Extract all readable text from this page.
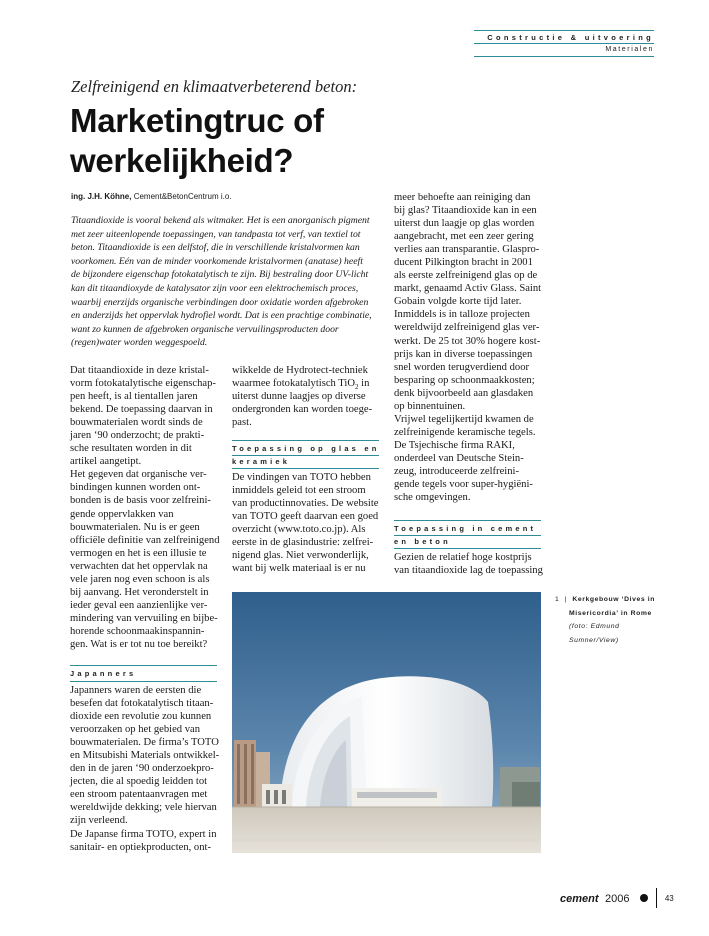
Constructie & uitvoering
Materialen
Zelfreinigend en klimaatverbeterend beton:
Marketingtruc of
werkelijkheid?
ing. J.H. Köhne, Cement&BetonCentrum i.o.
Titaandioxide is vooral bekend als witmaker. Het is een anorganisch pigment
met zeer uiteenlopende toepassingen, van tandpasta tot verf, van textiel tot
beton. Titaandioxide is een delfstof, die in verschillende kristalvormen kan
voorkomen. Eén van de minder voorkomende kristalvormen (anatase) heeft
de bijzondere eigenschap fotokatalytisch te zijn. Bij bestraling door UV-licht
kan dit titaandioxyde de katalysator zijn voor een elektrochemisch proces,
waarbij enerzijds organische verbindingen door oxidatie worden afgebroken
en anderzijds het oppervlak hydrofiel wordt. Dat is een prachtige combinatie,
want zo kunnen de afgebroken organische vervuilingsproducten door
(regen)water worden weggespoeld.
Dat titaandioxide in deze kristal-
vorm fotokatalytische eigenschap-
pen heeft, is al tientallen jaren
bekend. De toepassing daarvan in
bouwmaterialen wordt sinds de
jaren ‘90 onderzocht; de prakti-
sche resultaten worden in dit
artikel aangetipt.
Het gegeven dat organische ver-
bindingen kunnen worden ont-
bonden is de basis voor zelfreini-
gende oppervlakken van
bouwmaterialen. Nu is er geen
officiële definitie van zelfreinigend
vermogen en het is een illusie te
verwachten dat het oppervlak na
vele jaren nog even schoon is als
bij aanvang. Het veronderstelt in
ieder geval een aanzienlijke ver-
mindering van vervuiling en bijbe-
horende schoonmaakinspannin-
gen. Wat is er tot nu toe bereikt?
Japanners
Japanners waren de eersten die
besefen dat fotokatalytisch titaan-
dioxide een revolutie zou kunnen
veroorzaken op het gebied van
bouwmaterialen. De firma’s TOTO
en Mitsubishi Materials ontwikkel-
den in de jaren ‘90 onderzoekpro-
jecten, die al spoedig leidden tot
een stroom patentaanvragen met
wereldwijde dekking; vele hiervan
zijn verleend.
De Japanse firma TOTO, expert in
sanitair- en optiekproducten, ont-
wikkelde de Hydrotect-techniek
waarmee fotokatalytisch TiO$_2$ in
uiterst dunne laagjes op diverse
ondergronden kan worden toege-
past.
Toepassing op glas en
keramiek
De vindingen van TOTO hebben
inmiddels geleid tot een stroom
van productinnovaties. De website
van TOTO geeft daarvan een goed
overzicht (www.toto.co.jp). Als
eerste in de glasindustrie: zelfrei-
nigend glas. Niet verwonderlijk,
want bij welk materiaal is er nu
meer behoefte aan reiniging dan
bij glas? Titaandioxide kan in een
uiterst dun laagje op glas worden
aangebracht, met een zeer gering
verlies aan transparantie. Glaspro-
ducent Pilkington bracht in 2001
als eerste zelfreinigend glas op de
markt, genaamd Activ Glass. Saint
Gobain volgde korte tijd later.
Inmiddels is in talloze projecten
wereldwijd zelfreinigend glas ver-
werkt. De 25 tot 30% hogere kost-
prijs kan in diverse toepassingen
snel worden terugverdiend door
besparing op schoonmaakkosten;
denk bijvoorbeeld aan glasdaken
op binnentuinen.
Vrijwel tegelijkertijd kwamen de
zelfreinigende keramische tegels.
De Tsjechische firma RAKI,
onderdeel van Deutsche Stein-
zeug, introduceerde zelfreini-
gende tegels voor super-hygiëni-
sche omgevingen.
Toepassing in cement
en beton
Gezien de relatief hoge kostprijs
van titaandioxide lag de toepassing
1 | Kerkgebouw ‘Dives in
Misericordia’ in Rome
(foto: Edmund
Sumner/View)
cement 2006	43
